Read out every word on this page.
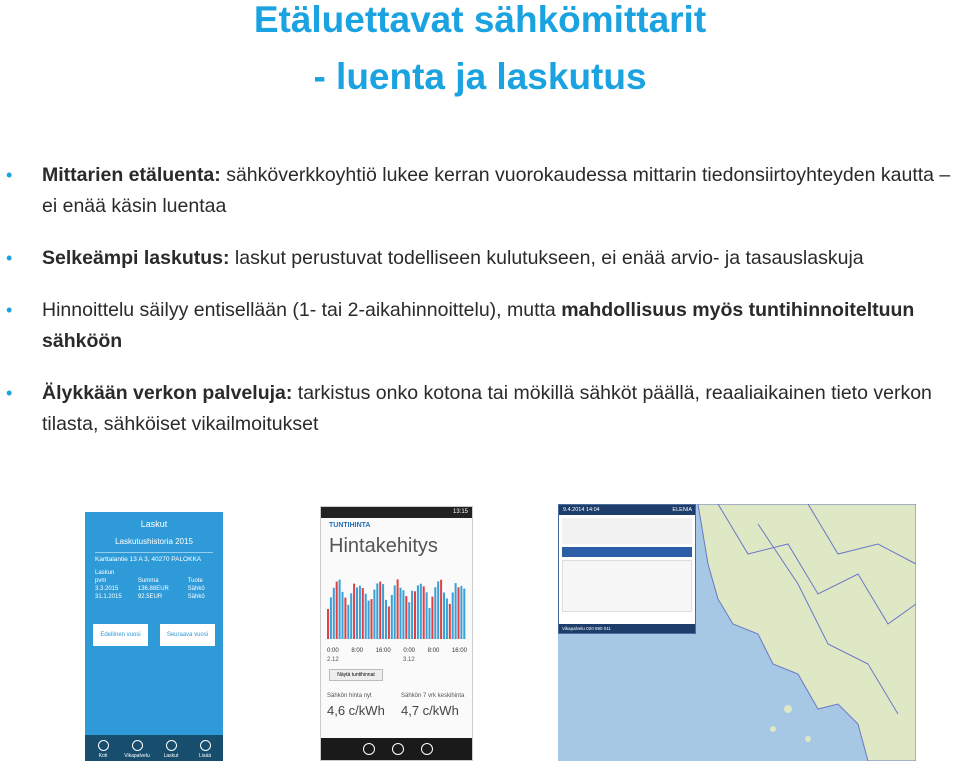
Etäluettavat sähkömittarit
- luenta ja laskutus
• Mittarien etäluenta: sähköverkkoyhtiö lukee kerran vuorokaudessa mittarin tiedonsiirtoyhteyden kautta – ei enää käsin luentaa
• Selkeämpi laskutus: laskut perustuvat todelliseen kulutukseen, ei enää arvio- ja tasauslaskuja
• Hinnoittelu säilyy entisellään (1- tai 2-aikahinnoittelu), mutta mahdollisuus myös tuntihinnoiteltuun sähköön
• Älykkään verkon palveluja: tarkistus onko kotona tai mökillä sähköt päällä, reaaliaikainen tieto verkon tilasta, sähköiset vikailmoitukset
Laskut
Laskutushistoria 2015
Karttalantie 13 A 3, 40270 PALOKKA
Laskun		
pvm	Summa	Tuote
3.3.2015	136.88EUR	Sähkö
31.1.2015	92.5EUR	Sähkö
Edellinen vuosi	Seuraava vuosi
Koti	Vikapalvelu	Laskut	Lisää
13:15
TUNTIHINTA
Hintakehitys
0:00 8:00 16:00 0:00 8:00 16:00
2.12	3.12
Näytä tuntihinnat
Sähkön hinta nyt
4,6 c/kWh
Sähkön 7 vrk keskihinta
4,7 c/kWh
9.4.2014 14:04	ELENIA
Vikapalvelu 020 690 011
